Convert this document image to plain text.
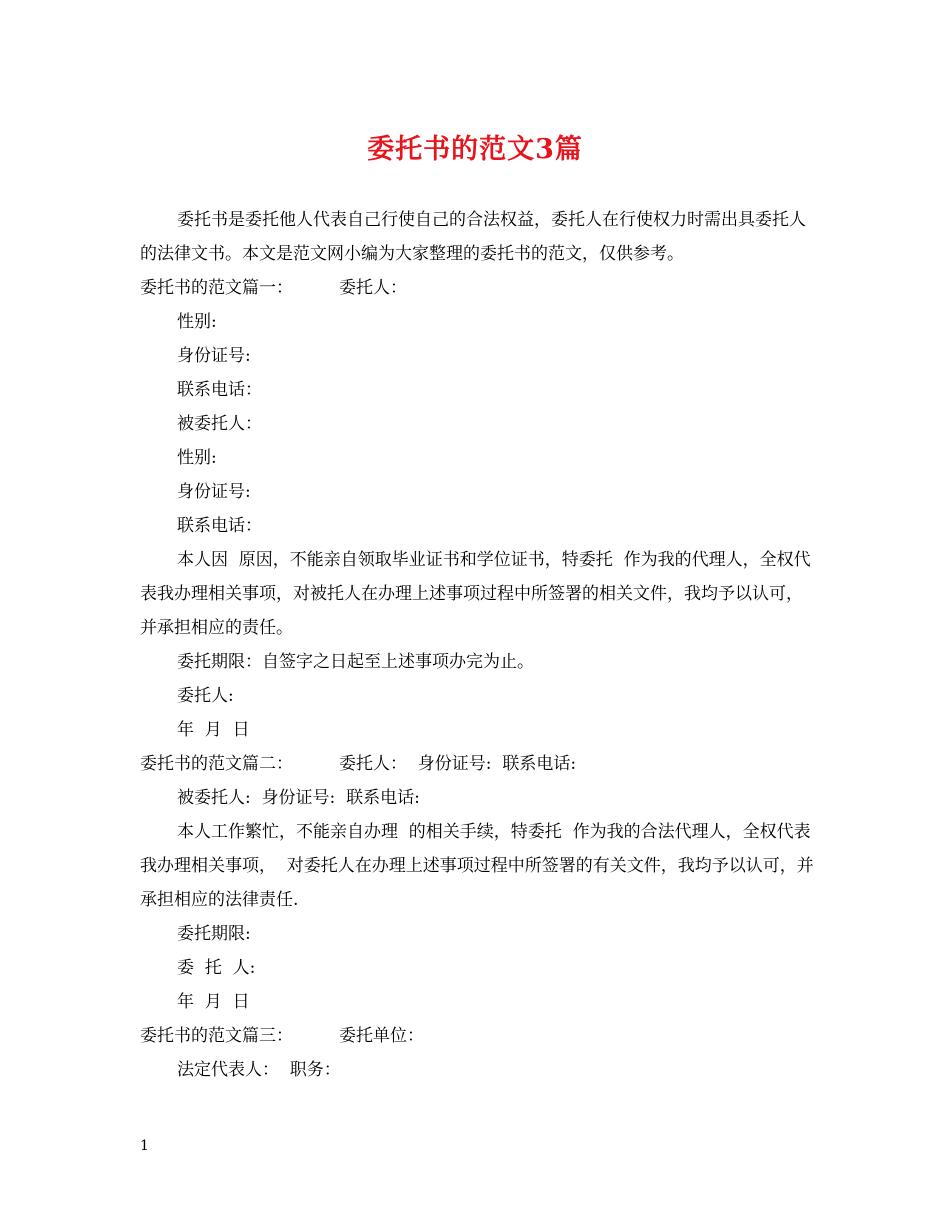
委托书的范文3篇

委托书是委托他人代表自己行使自己的合法权益，委托人在行使权力时需出具委托人的法律文书。本文是范文网小编为大家整理的委托书的范文，仅供参考。

委托书的范文篇一：	委托人：

性别:

身份证号:

联系电话：

被委托人：

性别:

身份证号:

联系电话：

本人因  原因，不能亲自领取毕业证书和学位证书，特委托  作为我的代理人，全权代表我办理相关事项，对被托人在办理上述事项过程中所签署的相关文件，我均予以认可，并承担相应的责任。

委托期限：自签字之日起至上述事项办完为止。

委托人:

年  月  日

委托书的范文篇二：	委托人：  身份证号:  联系电话:

被委托人:  身份证号:  联系电话:

本人工作繁忙，不能亲自办理  的相关手续，特委托  作为我的合法代理人，全权代表我办理相关事项，  对委托人在办理上述事项过程中所签署的有关文件，我均予以认可，并承担相应的法律责任.

委托期限:

委  托  人:

年  月  日

委托书的范文篇三：	委托单位：

法定代表人：  职务：

1
